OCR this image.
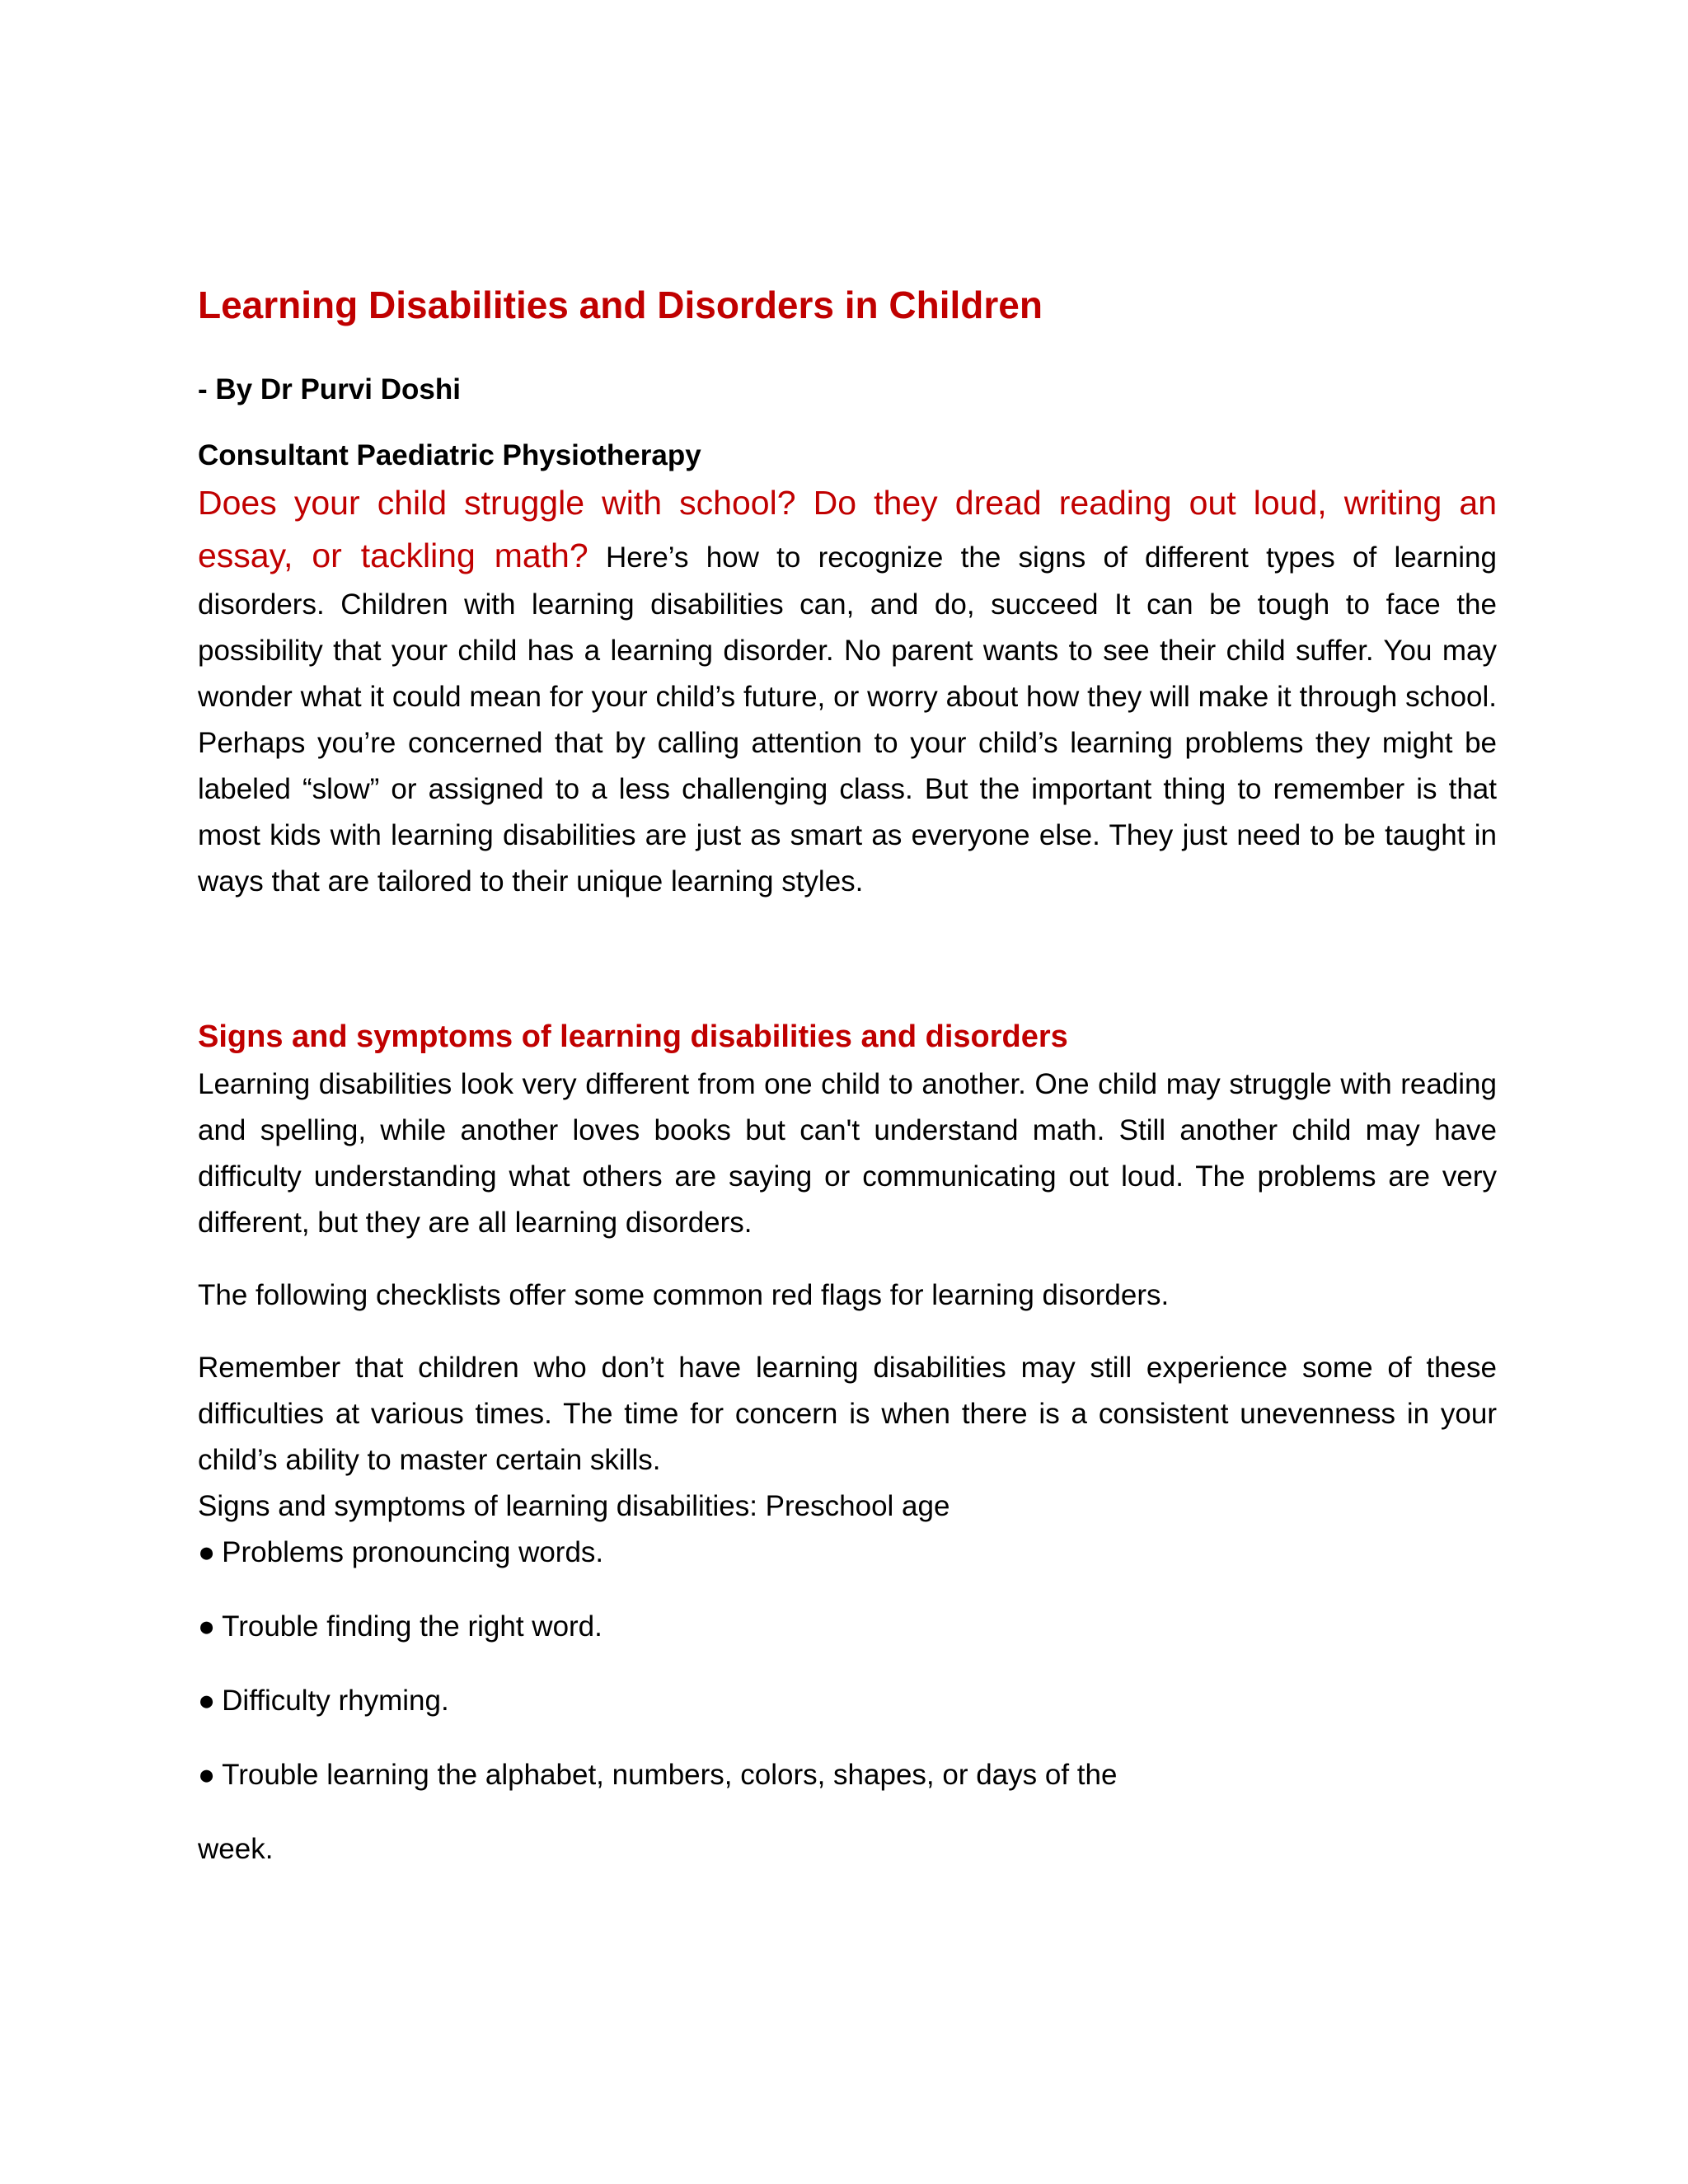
Learning Disabilities and Disorders in Children

- By Dr Purvi Doshi

Consultant Paediatric Physiotherapy

Does your child struggle with school? Do they dread reading out loud, writing an essay, or tackling math? Here’s how to recognize the signs of different types of learning disorders. Children with learning disabilities can, and do, succeed It can be tough to face the possibility that your child has a learning disorder. No parent wants to see their child suffer. You may wonder what it could mean for your child’s future, or worry about how they will make it through school. Perhaps you’re concerned that by calling attention to your child’s learning problems they might be labeled “slow” or assigned to a less challenging class. But the important thing to remember is that most kids with learning disabilities are just as smart as everyone else. They just need to be taught in ways that are tailored to their unique learning styles.

Signs and symptoms of learning disabilities and disorders

Learning disabilities look very different from one child to another. One child may struggle with reading and spelling, while another loves books but can't understand math. Still another child may have difficulty understanding what others are saying or communicating out loud. The problems are very different, but they are all learning disorders.

The following checklists offer some common red flags for learning disorders.

Remember that children who don’t have learning disabilities may still experience some of these difficulties at various times. The time for concern is when there is a consistent unevenness in your child’s ability to master certain skills.

Signs and symptoms of learning disabilities: Preschool age

● Problems pronouncing words.
● Trouble finding the right word.
● Difficulty rhyming.
● Trouble learning the alphabet, numbers, colors, shapes, or days of the

week.
